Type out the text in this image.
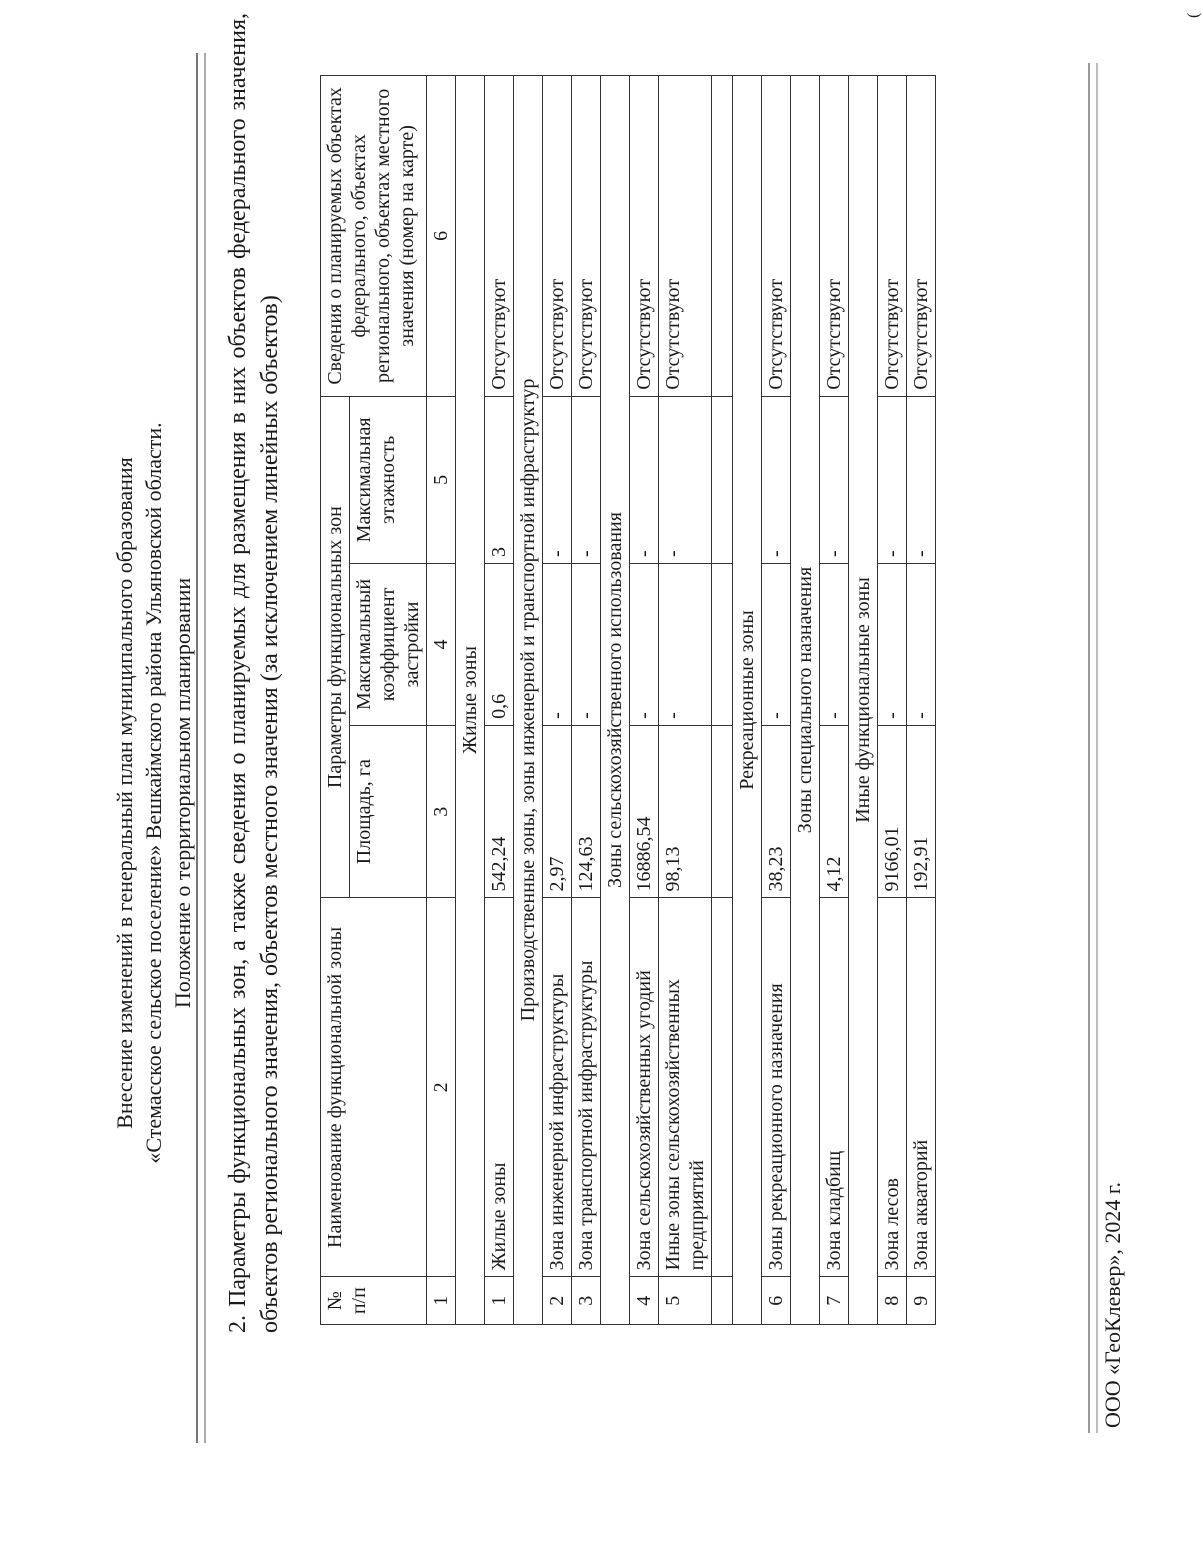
Внесение изменений в генеральный план муниципального образования «Стемасское сельское поселение» Вешкаймского района Ульяновской области. Положение о территориальном планировании 2. Параметры функциональных зон, а также сведения о планируемых для размещения в них объектов федерального значения, объектов регионального значения, объектов местного значения (за исключением линейных объектов) № п/п	Наименование функциональной зоны	Параметры функциональных зон			Сведения о планируемых объектах федерального, объектах регионального, объектах местного значения (номер на карте)
		Площадь, га	Максимальный коэффициент застройки	Максимальная этажность	
1	2	3	4	5	6
Жилые зоны					
1	Жилые зоны	542,24	0,6	3	Отсутствуют
Производственные зоны, зоны инженерной и транспортной инфраструктур					
2	Зона инженерной инфраструктуры	2,97	-	-	Отсутствуют
3	Зона транспортной инфраструктуры	124,63	-	-	Отсутствуют
Зоны сельскохозяйственного использования					
4	Зона сельскохозяйственных угодий	16886,54	-	-	Отсутствуют
5	Иные зоны сельскохозяйственных предприятий	98,13	-	-	Отсутствуют

Рекреационные зоны					
6	Зоны рекреационного назначения	38,23	-	-	Отсутствуют
Зоны специального назначения					
7	Зона кладбищ	4,12	-	-	Отсутствуют
Иные функциональные зоны					
8	Зона лесов	9166,01	-	-	Отсутствуют
9	Зона акваторий	192,91	-	-	Отсутствуют
ООО «ГеоКлевер», 2024 г.
(
